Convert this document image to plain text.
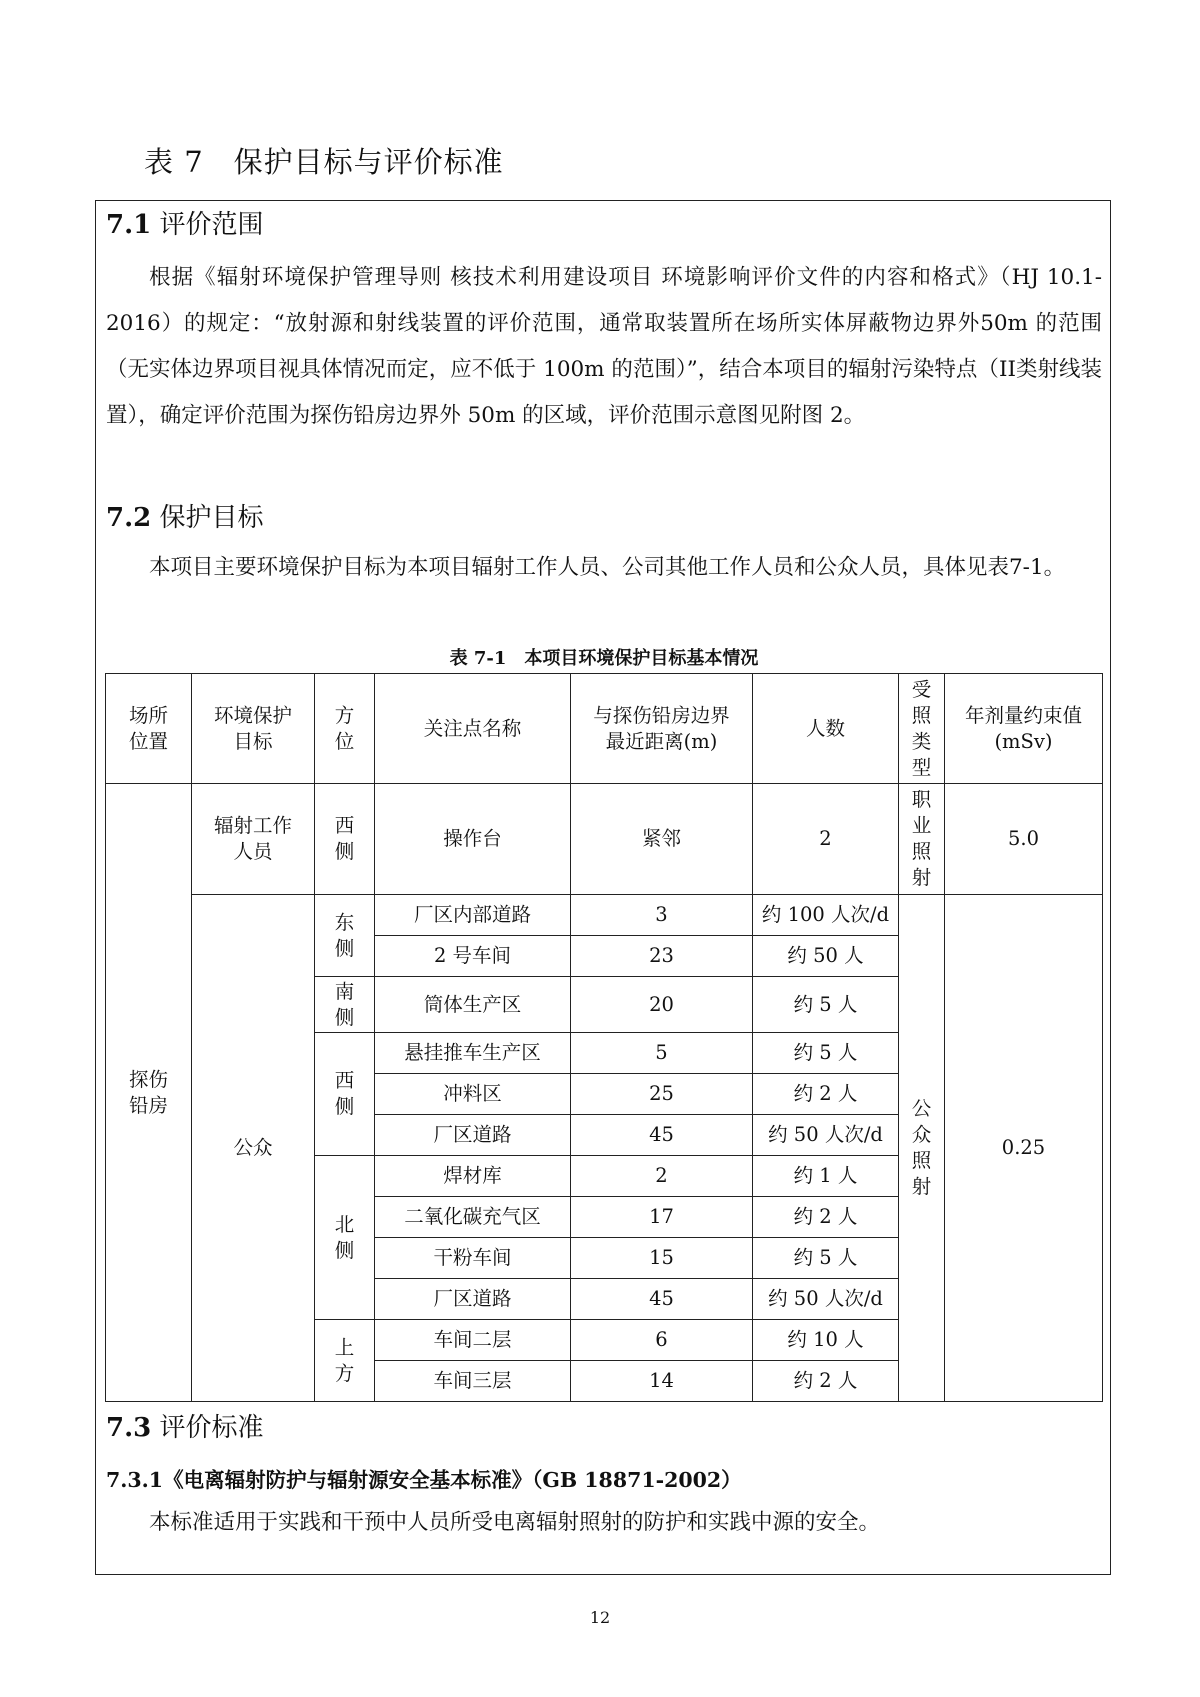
表 7　保护目标与评价标准
7.1 评价范围

根据《辐射环境保护管理导则 核技术利用建设项目 环境影响评价文件的内容和格式》（HJ 10.1-2016）的规定：“放射源和射线装置的评价范围，通常取装置所在场所实体屏蔽物边界外50m 的范围（无实体边界项目视具体情况而定，应不低于 100m 的范围）”，结合本项目的辐射污染特点（II类射线装置），确定评价范围为探伤铅房边界外 50m 的区域，评价范围示意图见附图 2。

7.2 保护目标

本项目主要环境保护目标为本项目辐射工作人员、公司其他工作人员和公众人员，具体见表7-1。

表 7-1　本项目环境保护目标基本情况
场所位置	环境保护目标	方位	关注点名称	与探伤铅房边界最近距离(m)	人数	受照类型	年剂量约束值(mSv)
探伤铅房	辐射工作人员	西侧	操作台	紧邻	2	职业照射	5.0
	公众	东侧	厂区内部道路	3	约 100 人次/d	公众照射	0.25
			2 号车间	23	约 50 人		
		南侧	筒体生产区	20	约 5 人		
		西侧	悬挂推车生产区	5	约 5 人		
			冲料区	25	约 2 人		
			厂区道路	45	约 50 人次/d		
		北侧	焊材库	2	约 1 人		
			二氧化碳充气区	17	约 2 人		
			干粉车间	15	约 5 人		
			厂区道路	45	约 50 人次/d		
		上方	车间二层	6	约 10 人		
			车间三层	14	约 2 人		
7.3 评价标准
7.3.1《电离辐射防护与辐射源安全基本标准》（GB 18871-2002）

本标准适用于实践和干预中人员所受电离辐射照射的防护和实践中源的安全。

12
